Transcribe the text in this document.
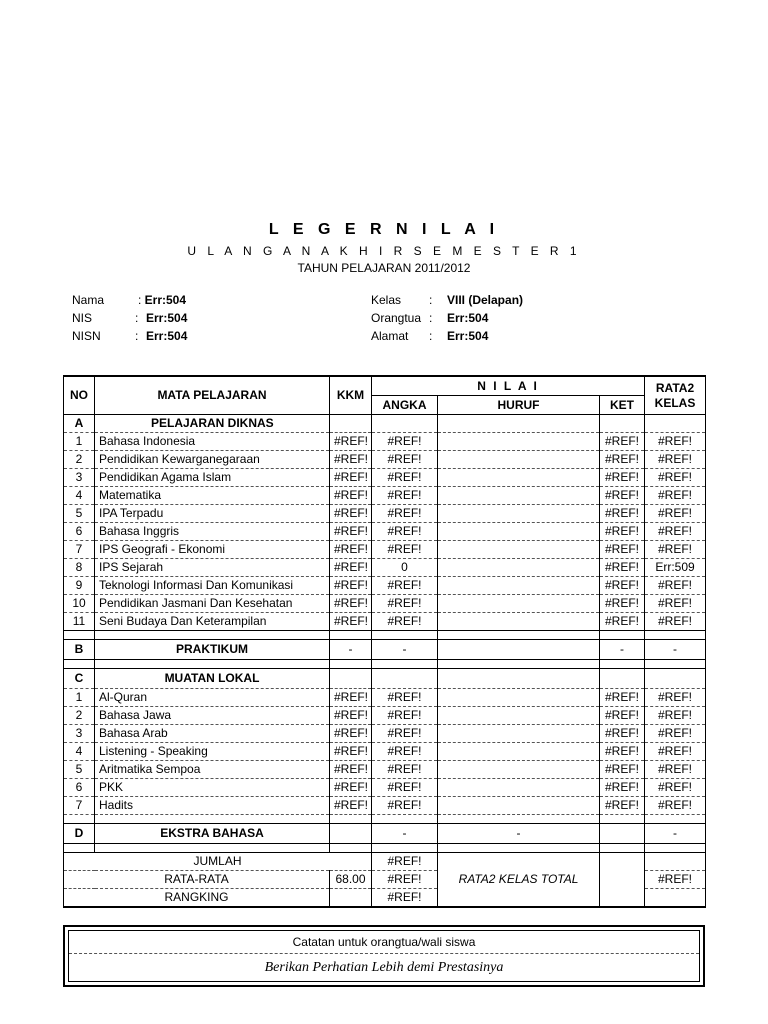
L E G E R N I L A I
U L A N G A N A K H I R S E M E S T E R 1
TAHUN PELAJARAN 2011/2012
Nama	: Err:504
NIS	: Err:504
NISN	: Err:504
Kelas : VIII (Delapan)
Orangtua : Err:504
Alamat : Err:504
NO	MATA PELAJARAN	KKM	N I L A I			RATA2
KELAS
			ANGKA	HURUF	KET	
A	PELAJARAN DIKNAS					
1	Bahasa Indonesia	#REF!	#REF!		#REF!	#REF!
2	Pendidikan Kewarganegaraan	#REF!	#REF!		#REF!	#REF!
3	Pendidikan Agama Islam	#REF!	#REF!		#REF!	#REF!
4	Matematika	#REF!	#REF!		#REF!	#REF!
5	IPA Terpadu	#REF!	#REF!		#REF!	#REF!
6	Bahasa Inggris	#REF!	#REF!		#REF!	#REF!
7	IPS Geografi - Ekonomi	#REF!	#REF!		#REF!	#REF!
8	IPS Sejarah	#REF!	0		#REF!	Err:509
9	Teknologi Informasi Dan Komunikasi	#REF!	#REF!		#REF!	#REF!
10	Pendidikan Jasmani Dan Kesehatan	#REF!	#REF!		#REF!	#REF!
11	Seni Budaya Dan Keterampilan	#REF!	#REF!		#REF!	#REF!

B	PRAKTIKUM	-	-		-	-

C	MUATAN LOKAL					
1	Al-Quran	#REF!	#REF!		#REF!	#REF!
2	Bahasa Jawa	#REF!	#REF!		#REF!	#REF!
3	Bahasa Arab	#REF!	#REF!		#REF!	#REF!
4	Listening - Speaking	#REF!	#REF!		#REF!	#REF!
5	Aritmatika Sempoa	#REF!	#REF!		#REF!	#REF!
6	PKK	#REF!	#REF!		#REF!	#REF!
7	Hadits	#REF!	#REF!		#REF!	#REF!

D	EKSTRA BAHASA		-	-		-

JUMLAH			#REF!	RATA2 KELAS TOTAL		
RATA-RATA		68.00	#REF!			#REF!
RANGKING			#REF!			
Catatan untuk orangtua/wali siswa
Berikan Perhatian Lebih demi Prestasinya
